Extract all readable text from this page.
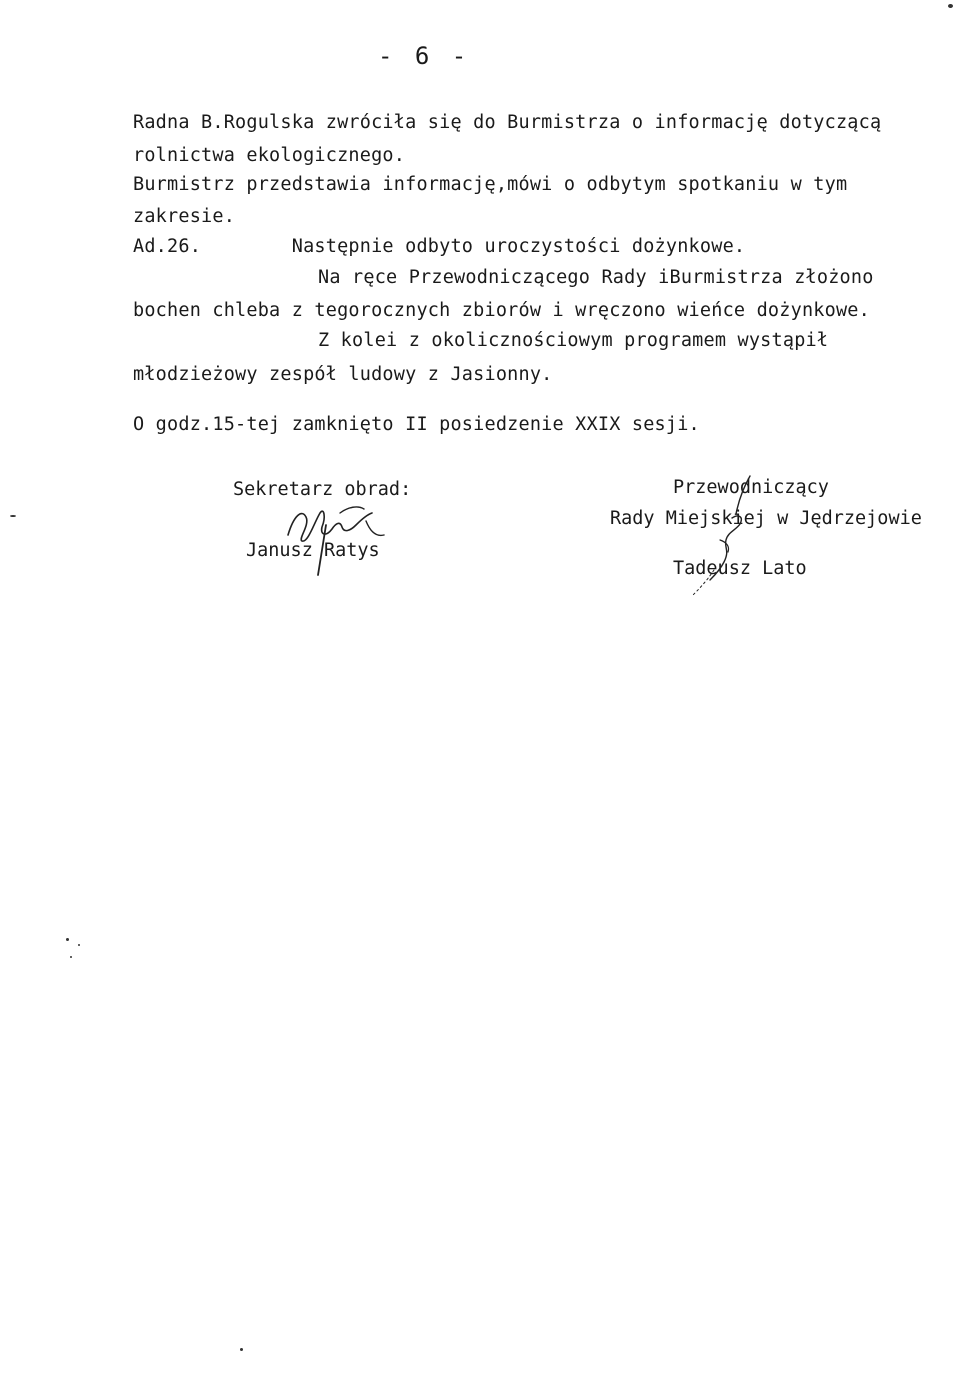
- 6 -
Radna B.Rogulska zwróciła się do Burmistrza o informację dotyczącą
rolnictwa ekologicznego.
Burmistrz przedstawia informację,mówi o odbytym spotkaniu w tym
zakresie.
Ad.26.        Następnie odbyto uroczystości dożynkowe.
Na ręce Przewodniczącego Rady iBurmistrza złożono
bochen chleba z tegorocznych zbiorów i wręczono wieńce dożynkowe.
Z kolei z okolicznościowym programem wystąpił
młodzieżowy zespół ludowy z Jasionny.
O godz.15-tej zamknięto II posiedzenie XXIX sesji.
Sekretarz obrad:
Janusz Ratys
Przewodniczący
Rady Miejskiej w Jędrzejowie
Tadeusz Lato
